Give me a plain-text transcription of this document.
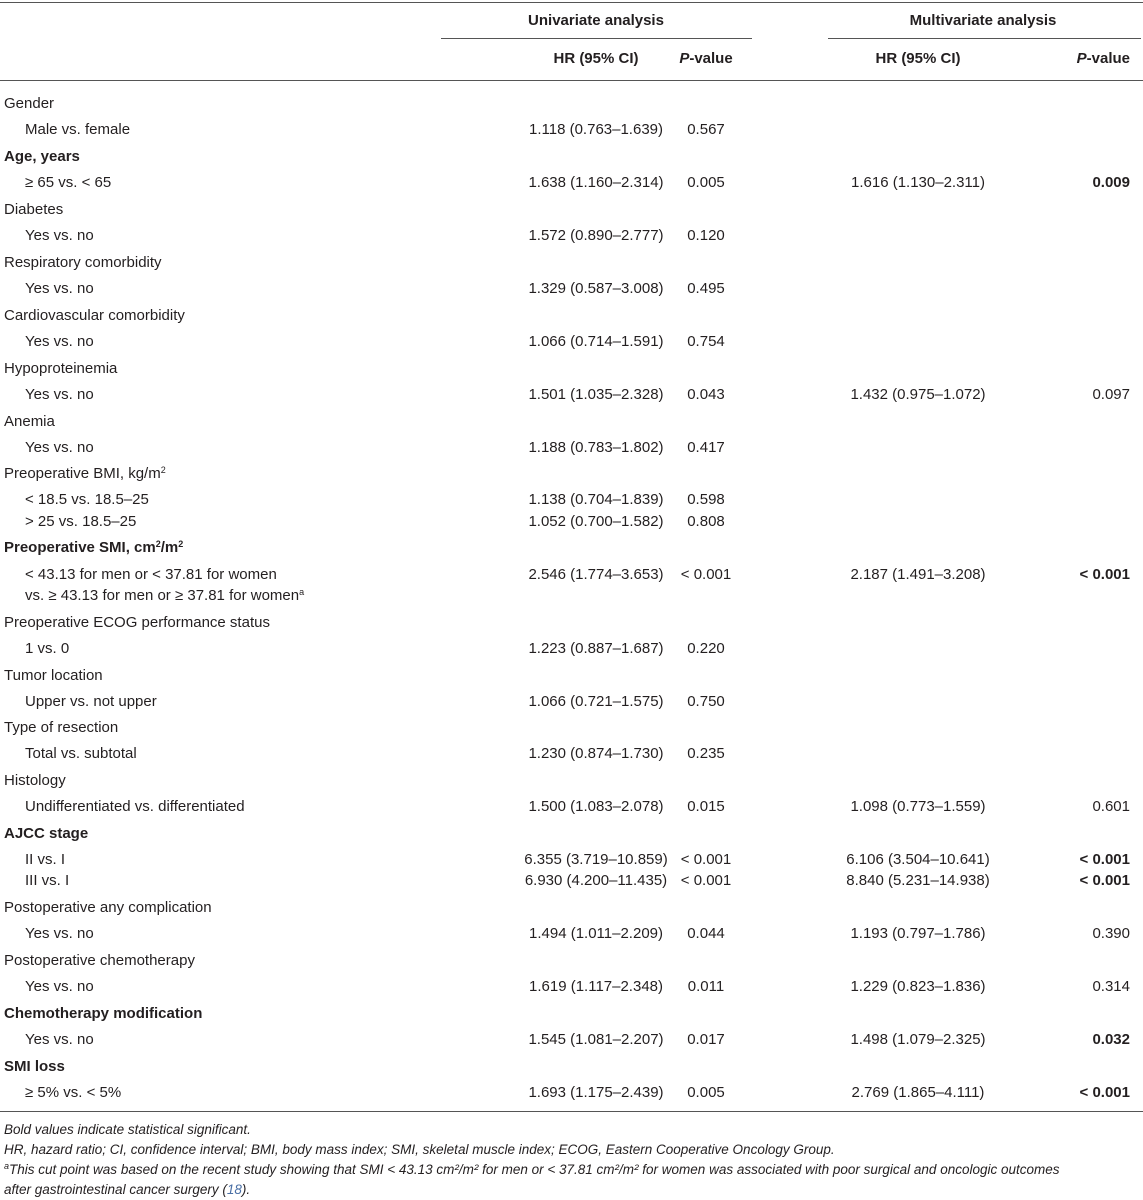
Univariate analysis	Multivariate analysis
HR (95% CI)	P-value	HR (95% CI)	P-value
Gender
Male vs. female	1.118 (0.763–1.639)	0.567
Age, years
≥ 65 vs. < 65	1.638 (1.160–2.314)	0.005	1.616 (1.130–2.311)	0.009
Diabetes
Yes vs. no	1.572 (0.890–2.777)	0.120
Respiratory comorbidity
Yes vs. no	1.329 (0.587–3.008)	0.495
Cardiovascular comorbidity
Yes vs. no	1.066 (0.714–1.591)	0.754
Hypoproteinemia
Yes vs. no	1.501 (1.035–2.328)	0.043	1.432 (0.975–1.072)	0.097
Anemia
Yes vs. no	1.188 (0.783–1.802)	0.417
Preoperative BMI, $kg/m^2$
< 18.5 vs. 18.5–25	1.138 (0.704–1.839)	0.598
> 25 vs. 18.5–25	1.052 (0.700–1.582)	0.808
Preoperative SMI, $cm^2/m^2$
< 43.13 for men or < 37.81 for women	2.546 (1.774–3.653)	< 0.001	2.187 (1.491–3.208)	< 0.001
vs. ≥ 43.13 for men or ≥ 37.81 for women$^a$
Preoperative ECOG performance status
1 vs. 0	1.223 (0.887–1.687)	0.220
Tumor location
Upper vs. not upper	1.066 (0.721–1.575)	0.750
Type of resection
Total vs. subtotal	1.230 (0.874–1.730)	0.235
Histology
Undifferentiated vs. differentiated	1.500 (1.083–2.078)	0.015	1.098 (0.773–1.559)	0.601
AJCC stage
II vs. I	6.355 (3.719–10.859) < 0.001	6.106 (3.504–10.641)	< 0.001
III vs. I	6.930 (4.200–11.435) < 0.001	8.840 (5.231–14.938)	< 0.001
Postoperative any complication
Yes vs. no	1.494 (1.011–2.209)	0.044	1.193 (0.797–1.786)	0.390
Postoperative chemotherapy
Yes vs. no	1.619 (1.117–2.348)	0.011	1.229 (0.823–1.836)	0.314
Chemotherapy modification
Yes vs. no	1.545 (1.081–2.207)	0.017	1.498 (1.079–2.325)	0.032
SMI loss
≥ 5% vs. < 5%	1.693 (1.175–2.439)	0.005	2.769 (1.865–4.111)	< 0.001
Bold values indicate statistical significant.
HR, hazard ratio; CI, confidence interval; BMI, body mass index; SMI, skeletal muscle index; ECOG, Eastern Cooperative Oncology Group.
$^a$This cut point was based on the recent study showing that SMI < 43.13 cm²/m² for men or < 37.81 cm²/m² for women was associated with poor surgical and oncologic outcomes
after gastrointestinal cancer surgery (18).
